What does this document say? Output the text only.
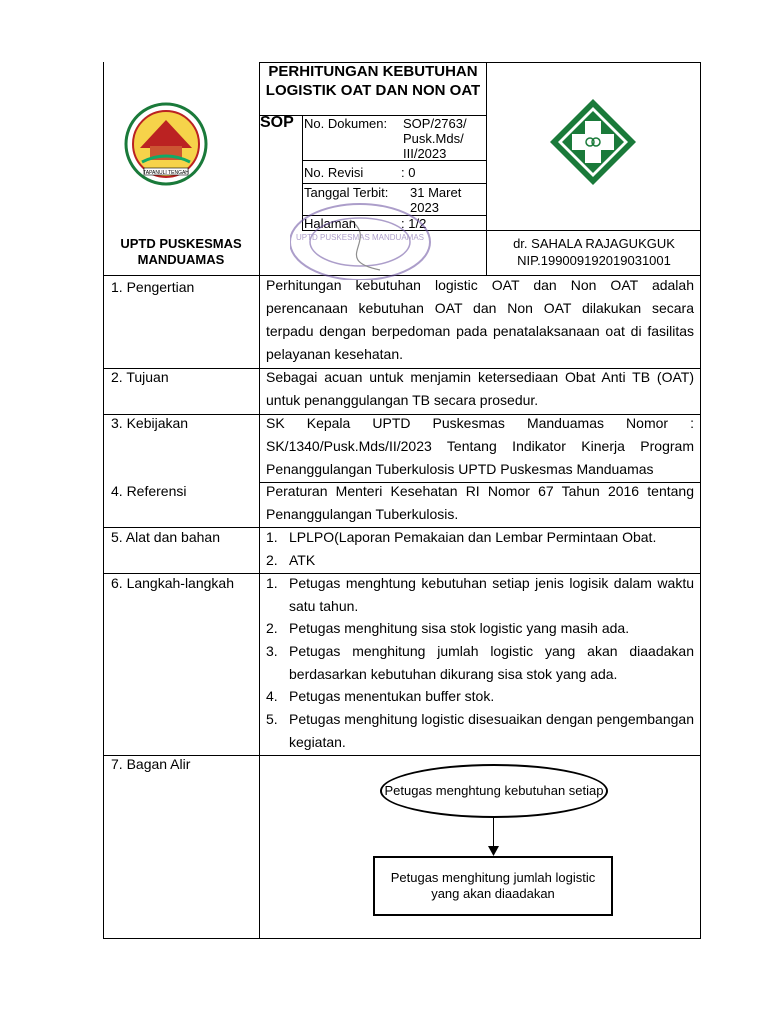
TAPANULI TENGAH
PERHITUNGAN KEBUTUHAN LOGISTIK OAT DAN NON OAT
SOP No. Dokumen: SOP/2763/ Pusk.Mds/ III/2023
No. Revisi	: 0
Tanggal Terbit: 31 Maret 2023
Halaman	: 1/2
UPTD PUSKESMAS MANDUAMAS
UPTD PUSKESMAS MANDUAMAS	dr. SAHALA RAJAGUKGUK
NIP.199009192019031001
1. Pengertian	Perhitungan kebutuhan logistic OAT dan Non OAT adalah perencanaan kebutuhan OAT dan Non OAT dilakukan secara terpadu dengan berpedoman pada penatalaksanaan oat di fasilitas pelayanan kesehatan.
2. Tujuan	Sebagai acuan untuk menjamin ketersediaan Obat Anti TB (OAT) untuk penanggulangan TB secara prosedur.
3. Kebijakan	SK Kepala UPTD Puskesmas Manduamas Nomor : SK/1340/Pusk.Mds/II/2023 Tentang Indikator Kinerja Program Penanggulangan Tuberkulosis UPTD Puskesmas Manduamas
4. Referensi	Peraturan Menteri Kesehatan RI Nomor 67 Tahun 2016 tentang Penanggulangan Tuberkulosis.
5. Alat dan bahan	1. LPLPO(Laporan Pemakaian dan Lembar Permintaan Obat.
2. ATK
6. Langkah-langkah 1. Petugas menghtung kebutuhan setiap jenis logisik dalam waktu satu tahun.
2. Petugas menghitung sisa stok logistic yang masih ada.
3. Petugas menghitung jumlah logistic yang akan diaadakan berdasarkan kebutuhan dikurang sisa stok yang ada.
4. Petugas menentukan buffer stok.
5. Petugas menghitung logistic disesuaikan dengan pengembangan kegiatan.
7. Bagan Alir
Petugas menghtung kebutuhan setiap
Petugas menghitung jumlah logistic yang akan diaadakan
